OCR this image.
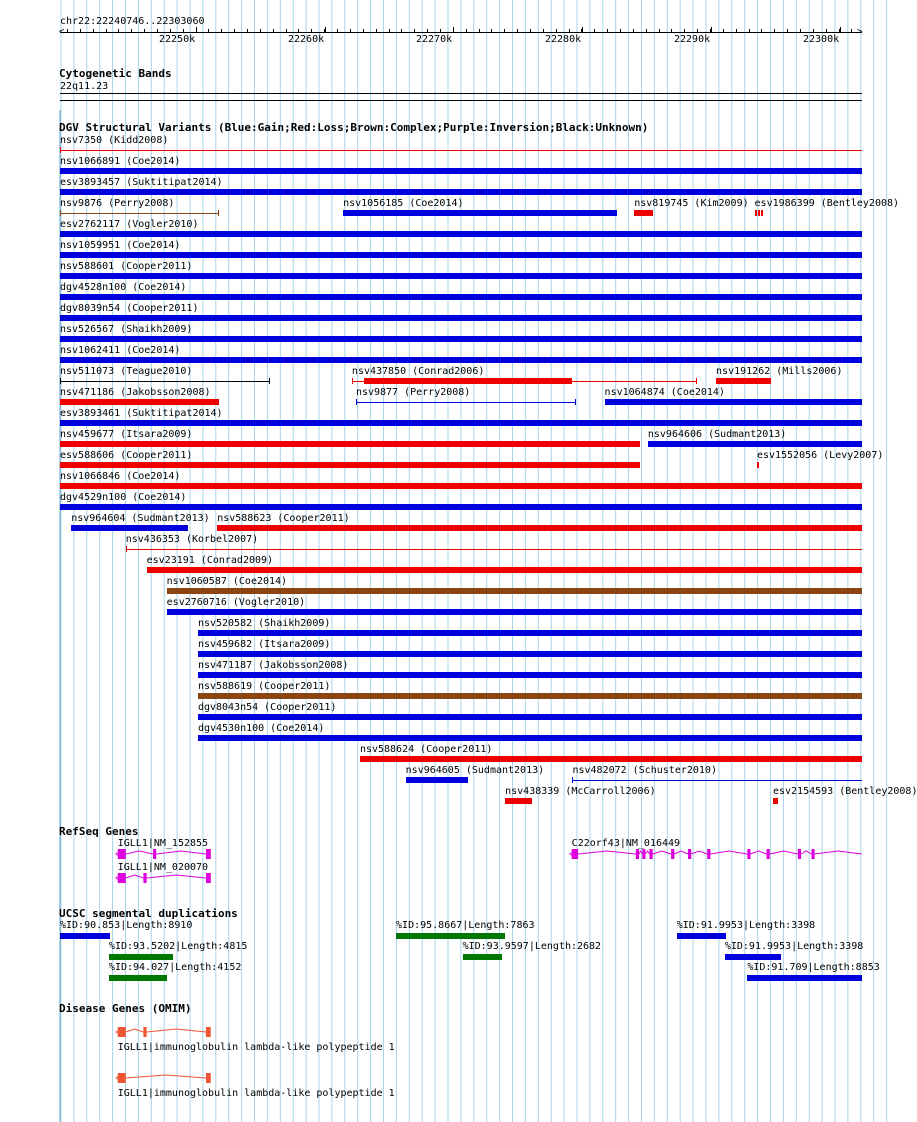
chr22:22240746..22303060
<	>
22250k	22260k	22270k	22280k	22290k	22300k
Cytogenetic Bands
22q11.23
DGV Structural Variants (Blue:Gain;Red:Loss;Brown:Complex;Purple:Inversion;Black:Unknown)
nsv7350 (Kidd2008)
nsv1066891 (Coe2014)
esv3893457 (Suktitipat2014)
nsv9876 (Perry2008)	nsv1056185 (Coe2014)	nsv819745 (Kim2009) esv1986399 (Bentley2008)
esv2762117 (Vogler2010)
nsv1059951 (Coe2014)
nsv588601 (Cooper2011)
dgv4528n100 (Coe2014)
dgv8039n54 (Cooper2011)
nsv526567 (Shaikh2009)
nsv1062411 (Coe2014)
nsv511073 (Teague2010)	nsv437850 (Conrad2006)	nsv191262 (Mills2006)
nsv471186 (Jakobsson2008)	nsv9877 (Perry2008)	nsv1064874 (Coe2014)
esv3893461 (Suktitipat2014)
nsv459677 (Itsara2009)	nsv964606 (Sudmant2013)
esv588606 (Cooper2011)	esv1552056 (Levy2007)
nsv1066846 (Coe2014)
dgv4529n100 (Coe2014)
nsv964604 (Sudmant2013) nsv588623 (Cooper2011)
nsv436353 (Korbel2007)
esv23191 (Conrad2009)
nsv1060587 (Coe2014)
esv2760716 (Vogler2010)
nsv520582 (Shaikh2009)
nsv459682 (Itsara2009)
nsv471187 (Jakobsson2008)
nsv588619 (Cooper2011)
dgv8043n54 (Cooper2011)
dgv4530n100 (Coe2014)
nsv588624 (Cooper2011)
nsv964605 (Sudmant2013)	nsv482072 (Schuster2010)
nsv438339 (McCarroll2006)	esv2154593 (Bentley2008)
RefSeq Genes
IGLL1|NM_152855
IGLL1|NM_020070
C22orf43|NM_016449
UCSC segmental duplications
%ID:90.853|Length:8910	%ID:95.8667|Length:7863	%ID:91.9953|Length:3398
%ID:93.5202|Length:4815	%ID:93.9597|Length:2682	%ID:91.9953|Length:3398
%ID:94.027|Length:4152	%ID:91.709|Length:8853
Disease Genes (OMIM)
IGLL1|immunoglobulin lambda-like polypeptide 1
IGLL1|immunoglobulin lambda-like polypeptide 1
